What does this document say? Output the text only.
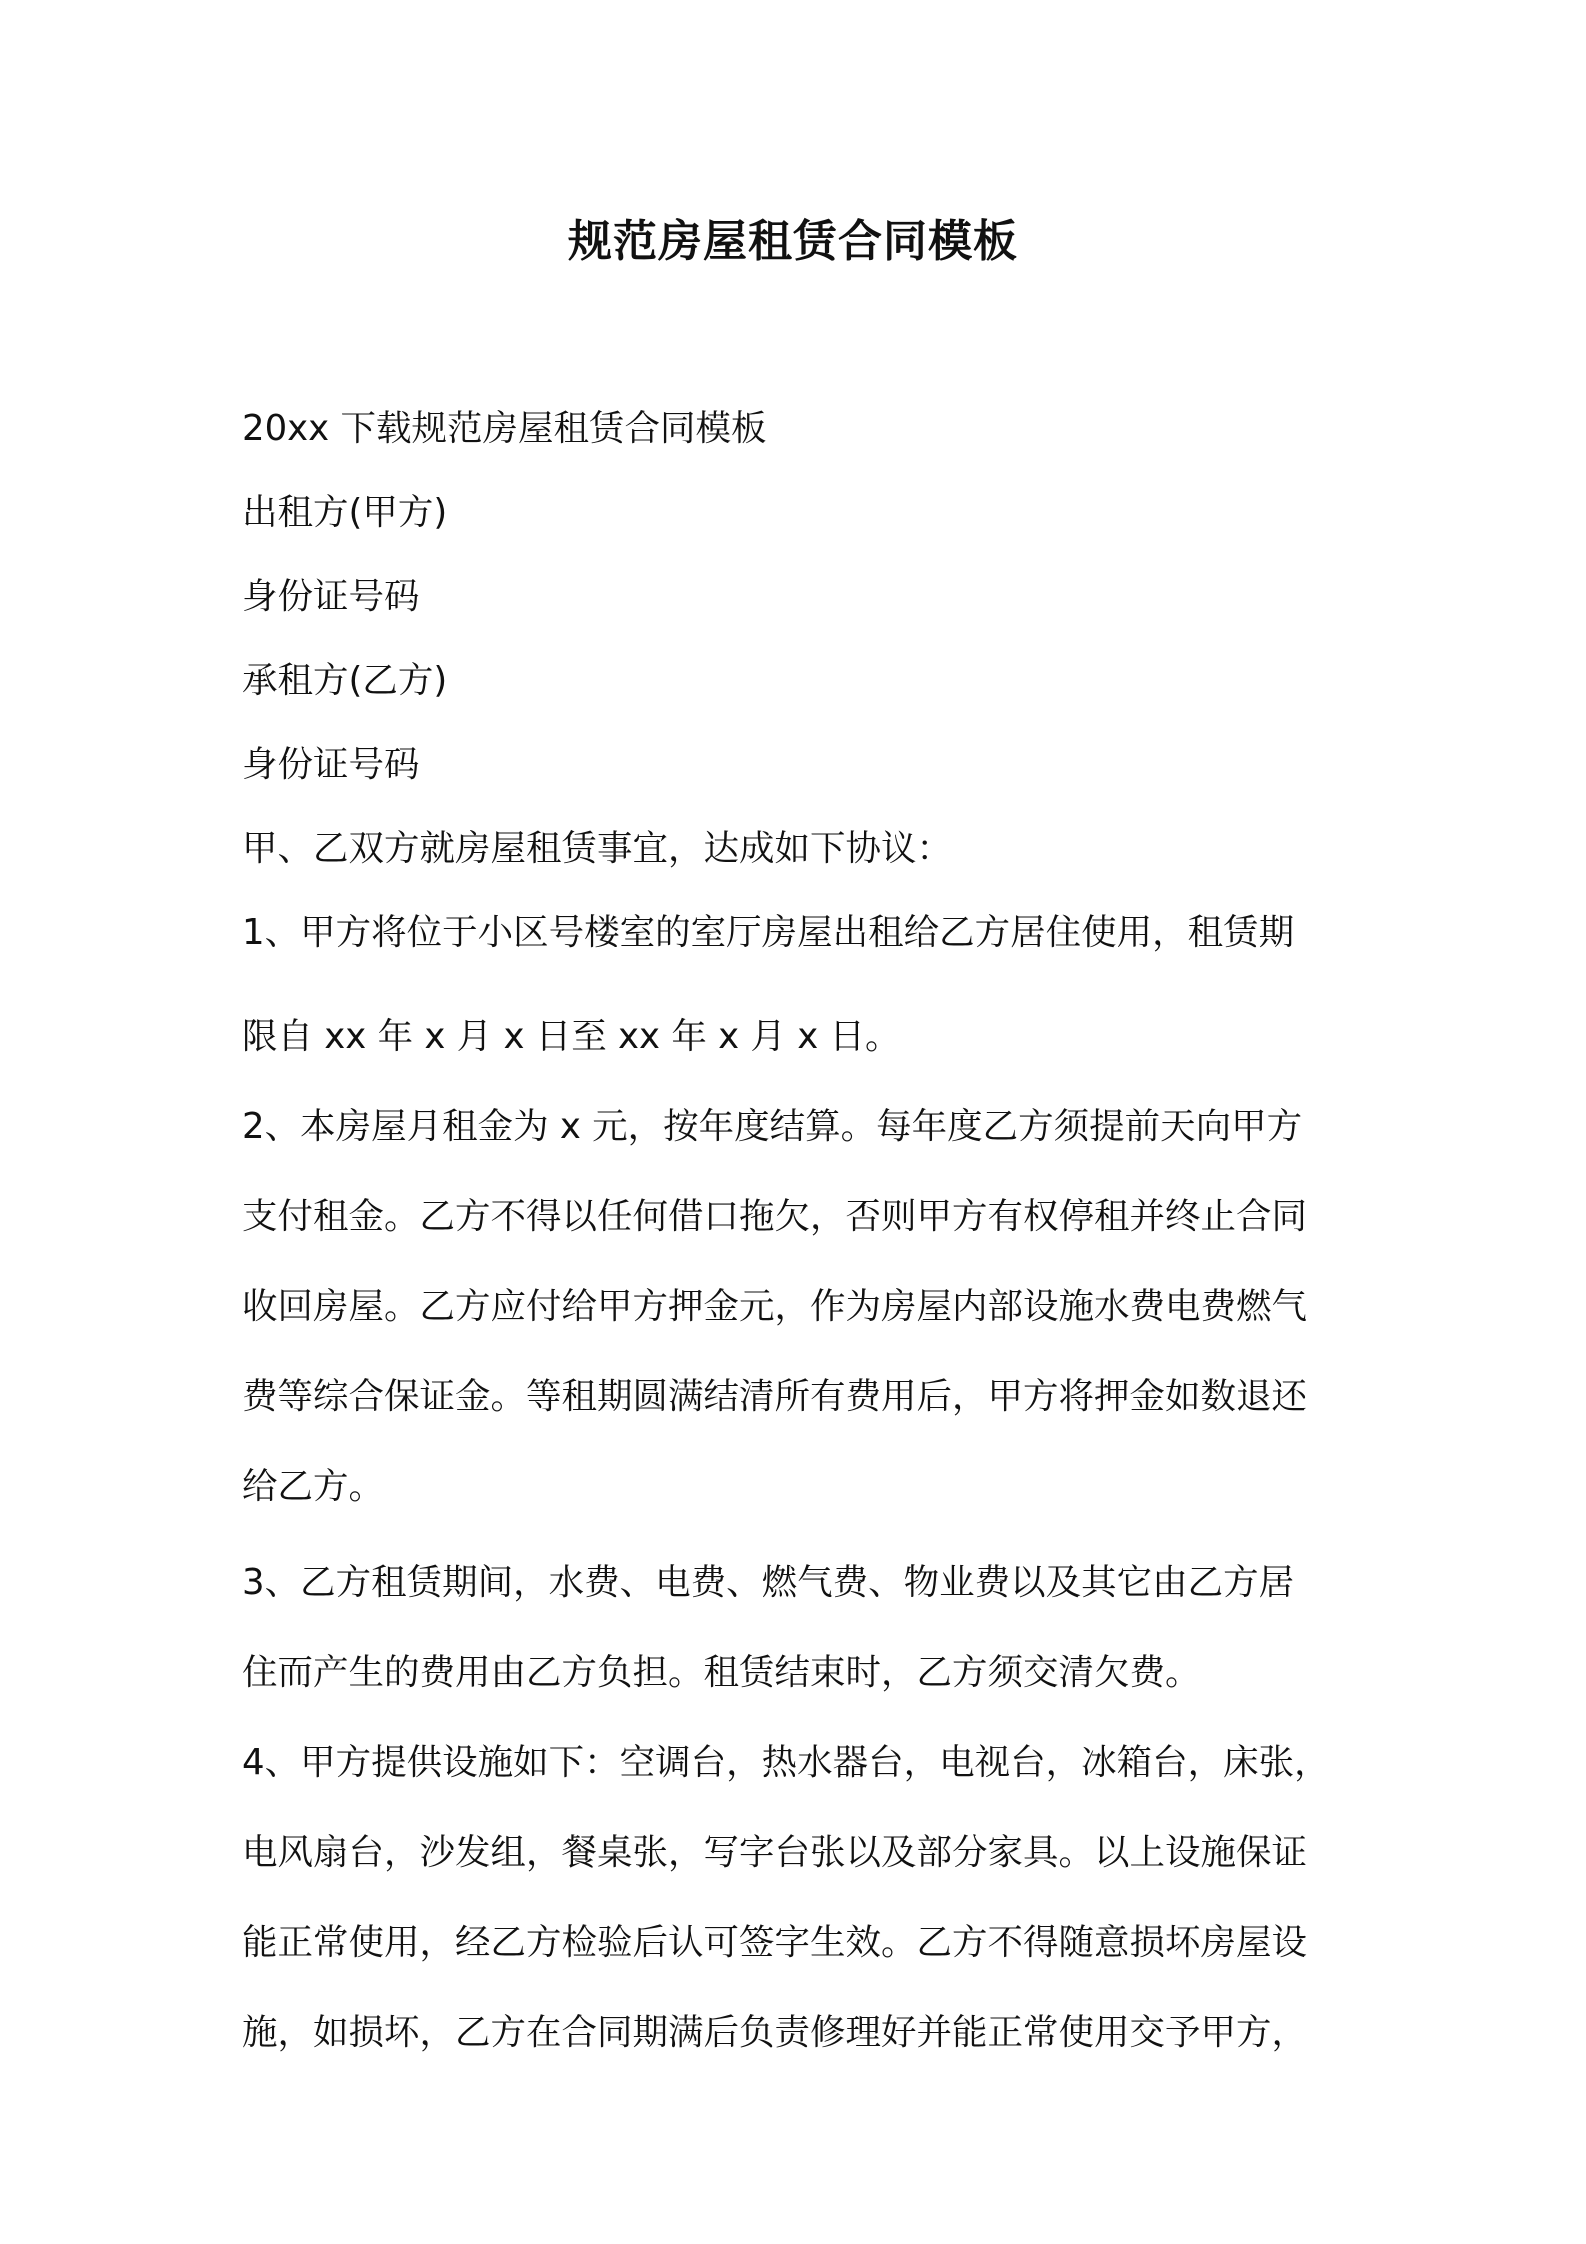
规范房屋租赁合同模板

20xx 下载规范房屋租赁合同模板

出租方(甲方)

身份证号码

承租方(乙方)

身份证号码

甲、乙双方就房屋租赁事宜，达成如下协议：

1、甲方将位于小区号楼室的室厅房屋出租给乙方居住使用，租赁期

限自 xx 年 x 月 x 日至 xx 年 x 月 x 日。

2、本房屋月租金为 x 元，按年度结算。每年度乙方须提前天向甲方

支付租金。乙方不得以任何借口拖欠，否则甲方有权停租并终止合同

收回房屋。乙方应付给甲方押金元，作为房屋内部设施水费电费燃气

费等综合保证金。等租期圆满结清所有费用后，甲方将押金如数退还

给乙方。

3、乙方租赁期间，水费、电费、燃气费、物业费以及其它由乙方居

住而产生的费用由乙方负担。租赁结束时，乙方须交清欠费。

4、甲方提供设施如下：空调台，热水器台，电视台，冰箱台，床张，

电风扇台，沙发组，餐桌张，写字台张以及部分家具。以上设施保证

能正常使用，经乙方检验后认可签字生效。乙方不得随意损坏房屋设

施，如损坏，乙方在合同期满后负责修理好并能正常使用交予甲方，
